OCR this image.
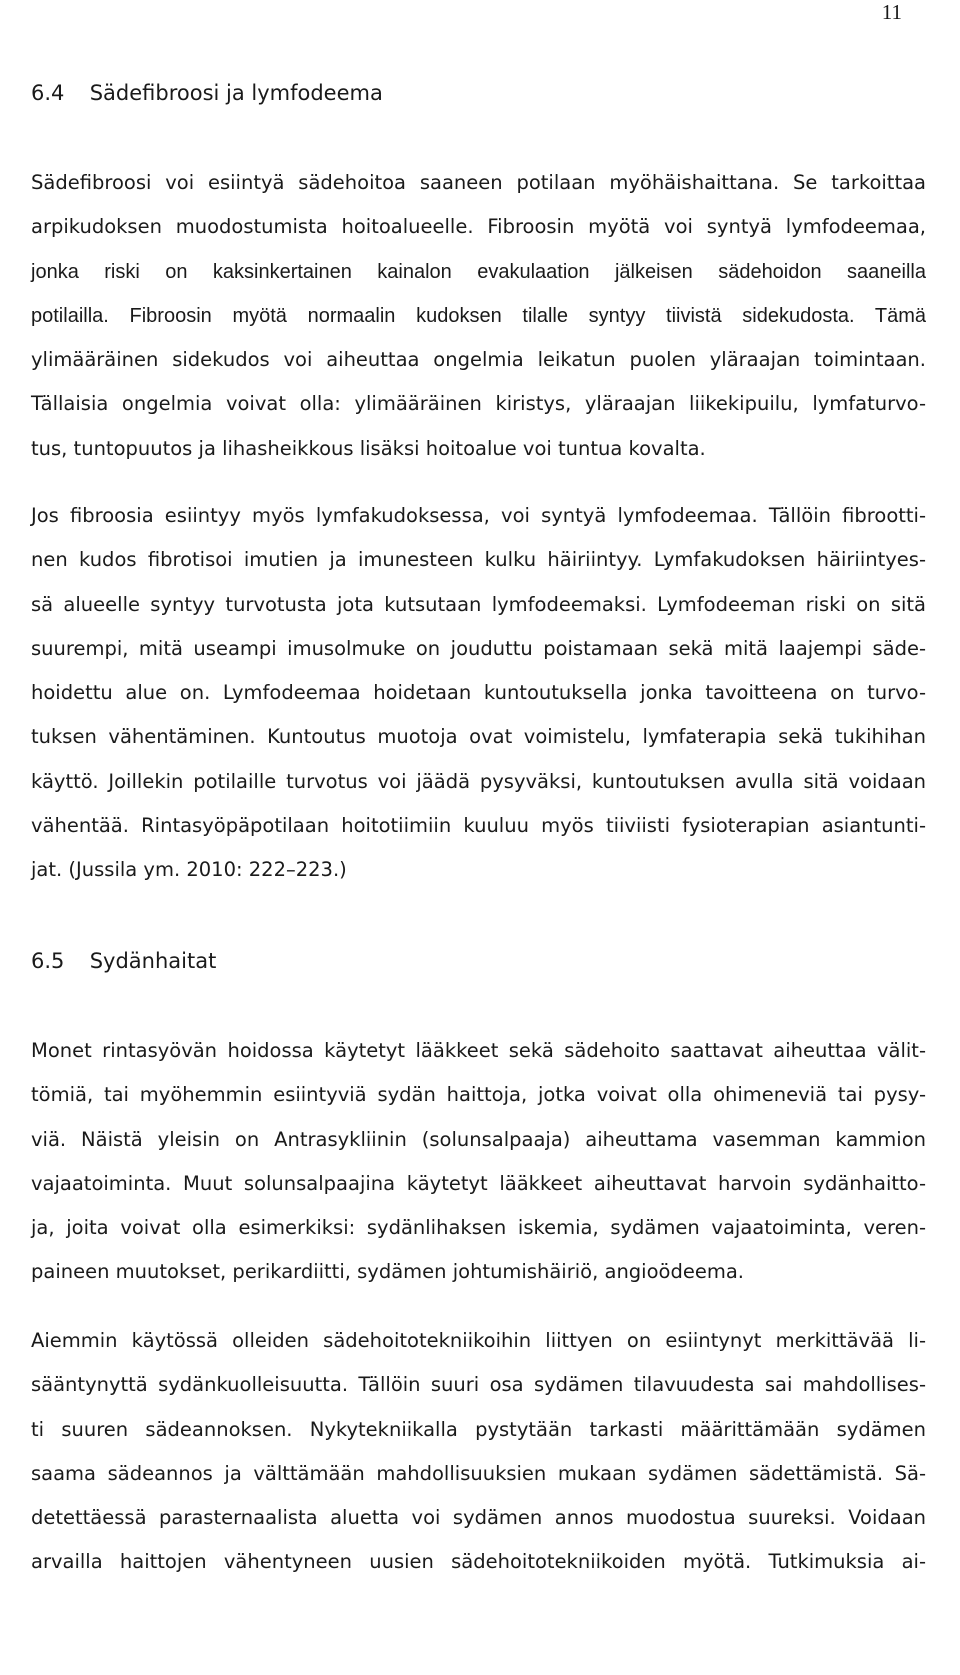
11
6.4 Sädefibroosi ja lymfodeema
Sädefibroosi voi esiintyä sädehoitoa saaneen potilaan myöhäishaittana. Se tarkoittaa
arpikudoksen muodostumista hoitoalueelle. Fibroosin myötä voi syntyä lymfodeemaa,
jonka riski on kaksinkertainen kainalon evakulaation jälkeisen sädehoidon saaneilla
potilailla. Fibroosin myötä normaalin kudoksen tilalle syntyy tiivistä sidekudosta. Tämä
ylimääräinen sidekudos voi aiheuttaa ongelmia leikatun puolen yläraajan toimintaan.
Tällaisia ongelmia voivat olla: ylimääräinen kiristys, yläraajan liikekipuilu, lymfaturvo-
tus, tuntopuutos ja lihasheikkous lisäksi hoitoalue voi tuntua kovalta.
Jos fibroosia esiintyy myös lymfakudoksessa, voi syntyä lymfodeemaa. Tällöin fibrootti-
nen kudos fibrotisoi imutien ja imunesteen kulku häiriintyy. Lymfakudoksen häiriintyes-
sä alueelle syntyy turvotusta jota kutsutaan lymfodeemaksi. Lymfodeeman riski on sitä
suurempi, mitä useampi imusolmuke on jouduttu poistamaan sekä mitä laajempi säde-
hoidettu alue on. Lymfodeemaa hoidetaan kuntoutuksella jonka tavoitteena on turvo-
tuksen vähentäminen. Kuntoutus muotoja ovat voimistelu, lymfaterapia sekä tukihihan
käyttö. Joillekin potilaille turvotus voi jäädä pysyväksi, kuntoutuksen avulla sitä voidaan
vähentää. Rintasyöpäpotilaan hoitotiimiin kuuluu myös tiiviisti fysioterapian asiantunti-
jat. (Jussila ym. 2010: 222–223.)
6.5 Sydänhaitat
Monet rintasyövän hoidossa käytetyt lääkkeet sekä sädehoito saattavat aiheuttaa välit-
tömiä, tai myöhemmin esiintyviä sydän haittoja, jotka voivat olla ohimeneviä tai pysy-
viä. Näistä yleisin on Antrasykliinin (solunsalpaaja) aiheuttama vasemman kammion
vajaatoiminta. Muut solunsalpaajina käytetyt lääkkeet aiheuttavat harvoin sydänhaitto-
ja, joita voivat olla esimerkiksi: sydänlihaksen iskemia, sydämen vajaatoiminta, veren-
paineen muutokset, perikardiitti, sydämen johtumishäiriö, angioödeema.
Aiemmin käytössä olleiden sädehoitotekniikoihin liittyen on esiintynyt merkittävää li-
sääntynyttä sydänkuolleisuutta. Tällöin suuri osa sydämen tilavuudesta sai mahdollises-
ti suuren sädeannoksen. Nykytekniikalla pystytään tarkasti määrittämään sydämen
saama sädeannos ja välttämään mahdollisuuksien mukaan sydämen sädettämistä. Sä-
detettäessä parasternaalista aluetta voi sydämen annos muodostua suureksi. Voidaan
arvailla haittojen vähentyneen uusien sädehoitotekniikoiden myötä. Tutkimuksia ai-
